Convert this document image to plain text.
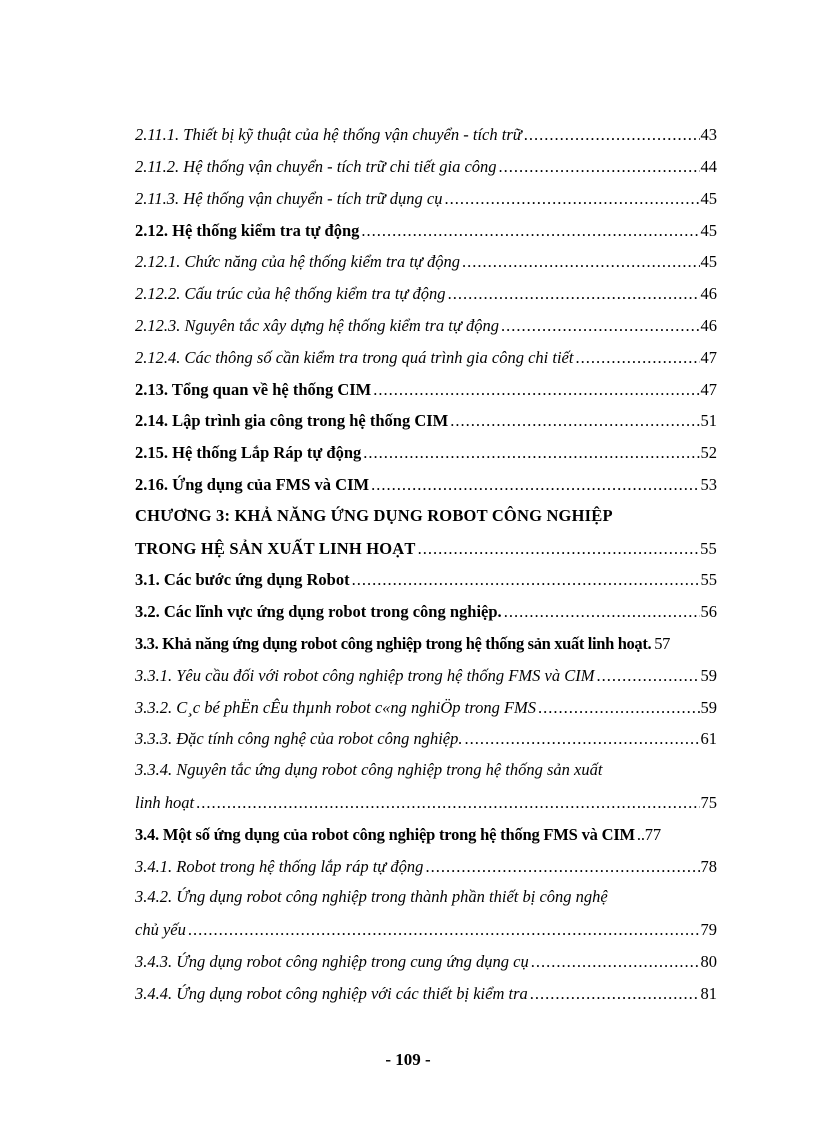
2.11.1. Thiết bị kỹ thuật của hệ thống vận chuyển - tích trữ .....	43
2.11.2. Hệ thống vận chuyển - tích trữ chi tiết gia công .....	44
2.11.3. Hệ thống vận chuyển - tích trữ dụng cụ .....	45
2.12. Hệ thống kiểm tra tự động .....	45
2.12.1. Chức năng của hệ thống kiểm tra tự động .....	45
2.12.2. Cấu trúc của hệ thống kiểm tra tự động .....	46
2.12.3. Nguyên tắc xây dựng hệ thống kiểm tra tự động .....	46
2.12.4. Các thông số cần kiểm tra trong quá trình gia công chi tiết .....	47
2.13. Tổng quan về hệ thống CIM .....	47
2.14. Lập trình gia công trong hệ thống CIM .....	51
2.15. Hệ thống Lắp Ráp tự động .....	52
2.16. Ứng dụng của FMS và CIM .....	53
CHƯƠNG 3: KHẢ NĂNG ỨNG DỤNG ROBOT CÔNG NGHIỆP
TRONG HỆ SẢN XUẤT LINH HOẠT .....	55
3.1. Các bước ứng dụng Robot .....	55
3.2. Các lĩnh vực ứng dụng robot trong công nghiệp. .....	56
3.3. Khả năng ứng dụng robot công nghiệp trong hệ thống sản xuất linh hoạt. 57
3.3.1. Yêu cầu đối với robot công nghiệp trong hệ thống FMS và CIM .....	59
3.3.2. C¸c bé phËn cÊu thµnh robot c«ng nghiÖp trong FMS .....	59
3.3.3. Đặc tính công nghệ của robot công nghiệp. .....	61
3.3.4. Nguyên tắc ứng dụng robot công nghiệp trong hệ thống sản xuất
linh hoạt .....	75
3.4. Một số ứng dụng của robot công nghiệp trong hệ thống FMS và CIM ..77
3.4.1. Robot trong hệ thống lắp ráp tự động .....	78
3.4.2. Ứng dụng robot công nghiệp trong thành phần thiết bị công nghệ
chủ yếu .....	79
3.4.3. Ứng dụng robot công nghiệp trong cung ứng dụng cụ .....	80
3.4.4. Ứng dụng robot công nghiệp với các thiết bị kiểm tra .....	81
- 109 -
